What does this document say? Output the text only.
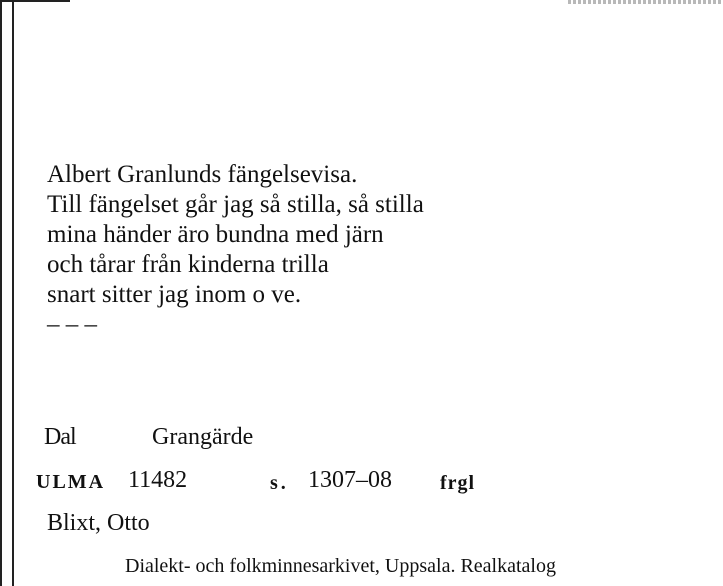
Albert Granlunds fängelsevisa.
Till fängelset går jag så stilla, så stilla
mina händer äro bundna med järn
och tårar från kinderna trilla
snart sitter jag inom o ve.
– – –
Dal	Grangärde
ULMA 11482	s. 1307–08 frgl
Blixt, Otto
Dialekt- och folkminnesarkivet, Uppsala. Realkatalog
